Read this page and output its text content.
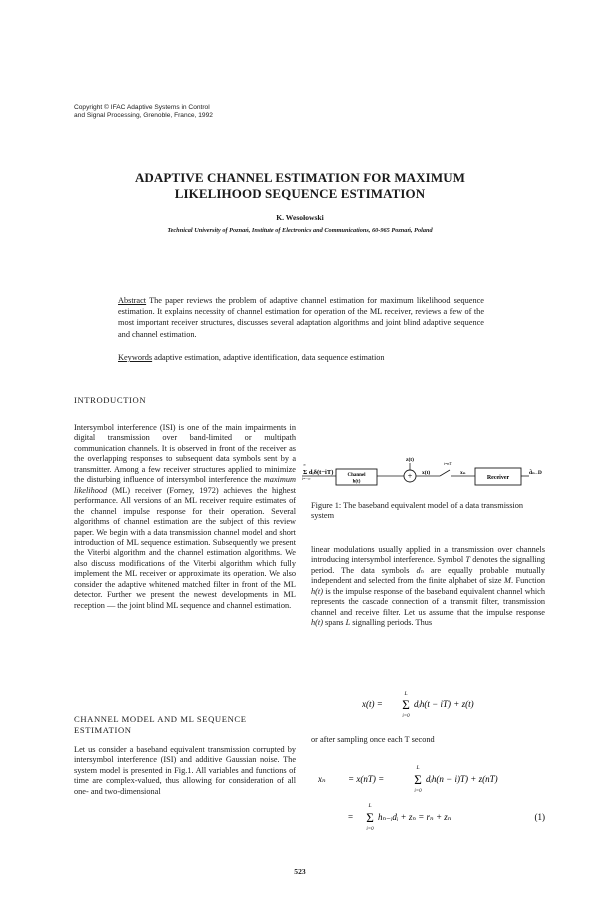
Copyright © IFAC Adaptive Systems in Control
and Signal Processing, Grenoble, France, 1992
ADAPTIVE CHANNEL ESTIMATION FOR MAXIMUM
LIKELIHOOD SEQUENCE ESTIMATION
K. Wesołowski
Technical University of Poznań, Institute of Electronics and Communications, 60-965 Poznań, Poland
Abstract The paper reviews the problem of adaptive channel estimation for maximum likelihood sequence estimation. It explains necessity of channel estimation for operation of the ML receiver, reviews a few of the most important receiver structures, discusses several adaptation algorithms and joint blind adaptive sequence and channel estimation.
Keywords adaptive estimation, adaptive identification, data sequence estimation
INTRODUCTION
Intersymbol interference (ISI) is one of the main impairments in digital transmission over band-limited or multipath communication channels. It is observed in front of the receiver as the overlapping responses to subsequent data symbols sent by a transmitter. Among a few receiver structures applied to minimize the disturbing influence of intersymbol interference the maximum likelihood (ML) receiver (Forney, 1972) achieves the highest performance. All versions of an ML receiver require estimates of the channel impulse response for their operation. Several algorithms of channel estimation are the subject of this review paper. We begin with a data transmission channel model and short introduction of ML sequence estimation. Subsequently we present the Viterbi algorithm and the channel estimation algorithms. We also discuss modifications of the Viterbi algorithm which fully implement the ML receiver or approximate its operation. We also consider the adaptive whitened matched filter in front of the ML detector. Further we present the newest developments in ML reception — the joint blind ML sequence and channel estimation.
CHANNEL MODEL AND ML SEQUENCE
ESTIMATION
Let us consider a baseband equivalent transmission corrupted by intersymbol interference (ISI) and additive Gaussian noise. The system model is presented in Fig.1. All variables and functions of time are complex-valued, thus allowing for consideration of all one- and two-dimensional
Σ dᵢδ(t−iT)
∞
i=−∞
Channel
h(t)
+
z(t)
x(t)
t=nT
xₙ
Receiver
d̂ₙ₋D
Figure 1: The baseband equivalent model of a data transmission system
linear modulations usually applied in a transmission over channels introducing intersymbol interference. Symbol T denotes the signalling period. The data symbols dₙ are equally probable mutually independent and selected from the finite alphabet of size M. Function h(t) is the impulse response of the baseband equivalent channel which represents the cascade connection of a transmit filter, transmission channel and receive filter. Let us assume that the impulse response h(t) spans L signalling periods. Thus
x(t) =
L
Σ
i=0
dᵢh(t − iT) + z(t)
or after sampling once each T second
xₙ = x(nT) =
L
Σ
i=0
dᵢh(n − i)T) + z(nT)
=
L
Σ
i=0
hₙ₋ᵢdᵢ + zₙ = rₙ + zₙ	(1)
523
